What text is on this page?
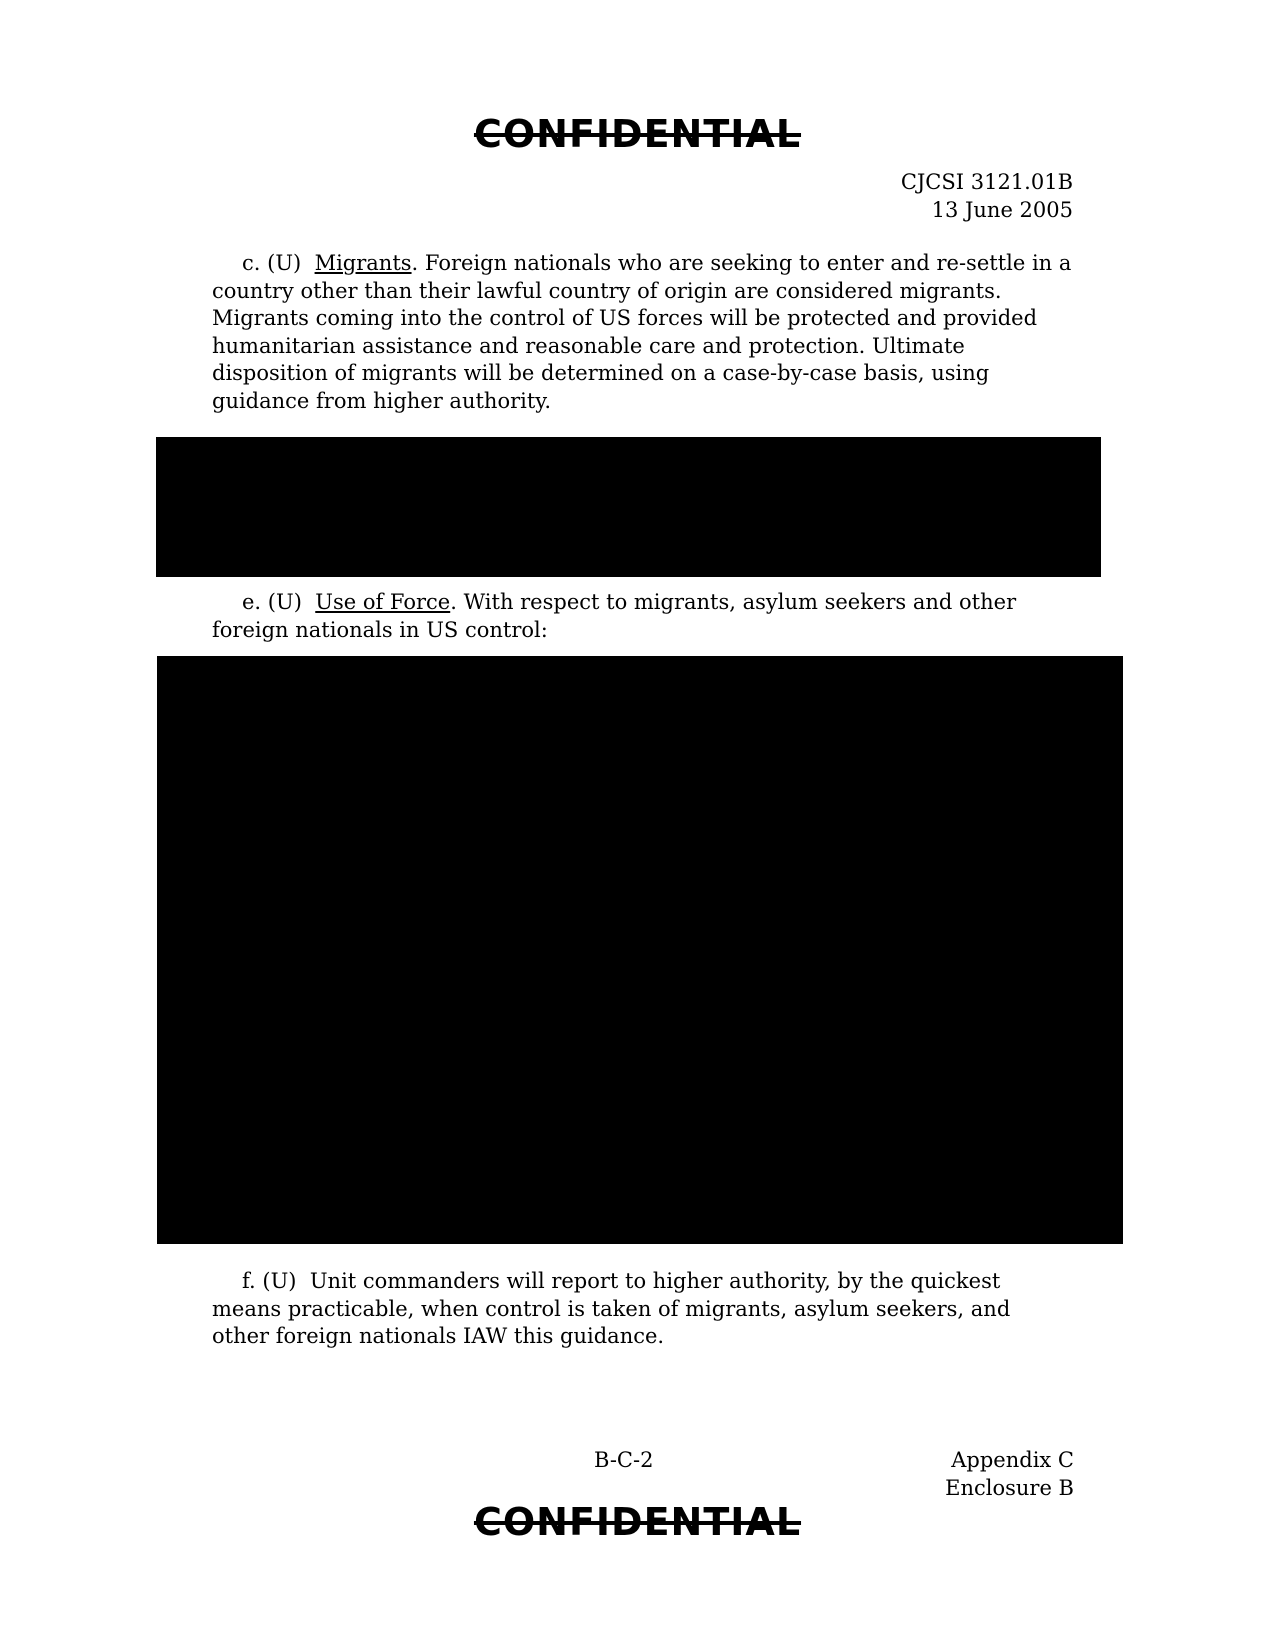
CONFIDENTIAL
CJCSI 3121.01B
13 June 2005

c. (U) Migrants. Foreign nationals who are seeking to enter and re-settle in a country other than their lawful country of origin are considered migrants. Migrants coming into the control of US forces will be protected and provided humanitarian assistance and reasonable care and protection. Ultimate disposition of migrants will be determined on a case-by-case basis, using guidance from higher authority.

e. (U) Use of Force. With respect to migrants, asylum seekers and other foreign nationals in US control:

f. (U) Unit commanders will report to higher authority, by the quickest means practicable, when control is taken of migrants, asylum seekers, and other foreign nationals IAW this guidance.

B-C-2	Appendix C
Enclosure B
CONFIDENTIAL
